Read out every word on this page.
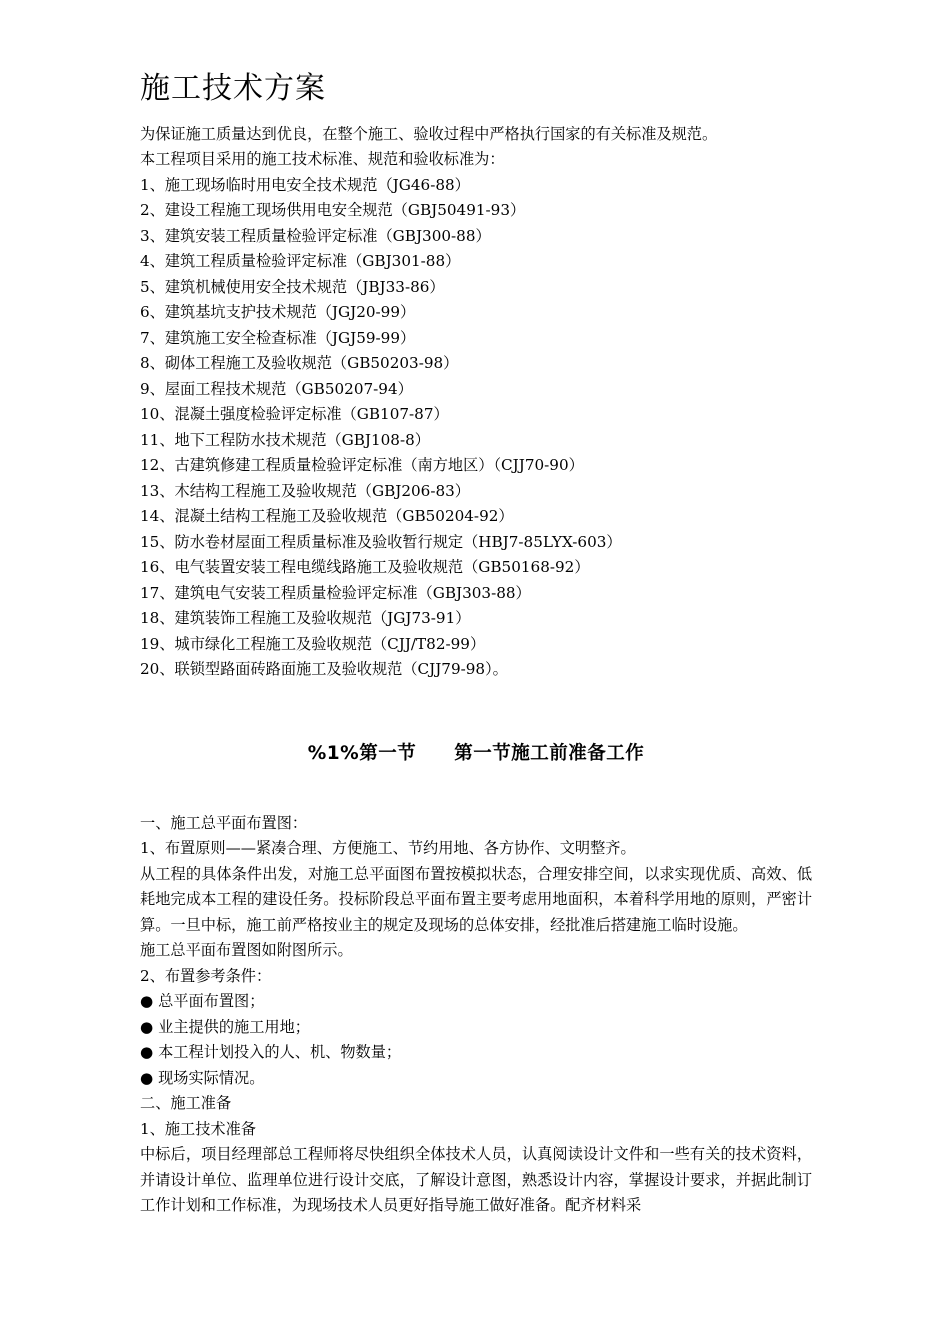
施工技术方案

为保证施工质量达到优良，在整个施工、验收过程中严格执行国家的有关标准及规范。

本工程项目采用的施工技术标准、规范和验收标准为：

1、施工现场临时用电安全技术规范（JG46-88）

2、建设工程施工现场供用电安全规范（GBJ50491-93）

3、建筑安装工程质量检验评定标准（GBJ300-88）

4、建筑工程质量检验评定标准（GBJ301-88）

5、建筑机械使用安全技术规范（JBJ33-86）

6、建筑基坑支护技术规范（JGJ20-99）

7、建筑施工安全检查标准（JGJ59-99）

8、砌体工程施工及验收规范（GB50203-98）

9、屋面工程技术规范（GB50207-94）

10、混凝土强度检验评定标准（GB107-87）

11、地下工程防水技术规范（GBJ108-8）

12、古建筑修建工程质量检验评定标准（南方地区）（CJJ70-90）

13、木结构工程施工及验收规范（GBJ206-83）

14、混凝土结构工程施工及验收规范（GB50204-92）

15、防水卷材屋面工程质量标准及验收暂行规定（HBJ7-85LYX-603）

16、电气装置安装工程电缆线路施工及验收规范（GB50168-92）

17、建筑电气安装工程质量检验评定标准（GBJ303-88）

18、建筑装饰工程施工及验收规范（JGJ73-91）

19、城市绿化工程施工及验收规范（CJJ/T82-99）

20、联锁型路面砖路面施工及验收规范（CJJ79-98）。

%1%第一节　　第一节施工前准备工作

一、施工总平面布置图：

1、布置原则——紧凑合理、方便施工、节约用地、各方协作、文明整齐。

从工程的具体条件出发，对施工总平面图布置按模拟状态，合理安排空间，以求实现优质、高效、低耗地完成本工程的建设任务。投标阶段总平面布置主要考虑用地面积，本着科学用地的原则，严密计算。一旦中标，施工前严格按业主的规定及现场的总体安排，经批准后搭建施工临时设施。

施工总平面布置图如附图所示。

2、布置参考条件：

● 总平面布置图；

● 业主提供的施工用地；

● 本工程计划投入的人、机、物数量；

● 现场实际情况。

二、施工准备

1、施工技术准备

中标后，项目经理部总工程师将尽快组织全体技术人员，认真阅读设计文件和一些有关的技术资料，并请设计单位、监理单位进行设计交底，了解设计意图，熟悉设计内容，掌握设计要求，并据此制订工作计划和工作标准，为现场技术人员更好指导施工做好准备。配齐材料采
